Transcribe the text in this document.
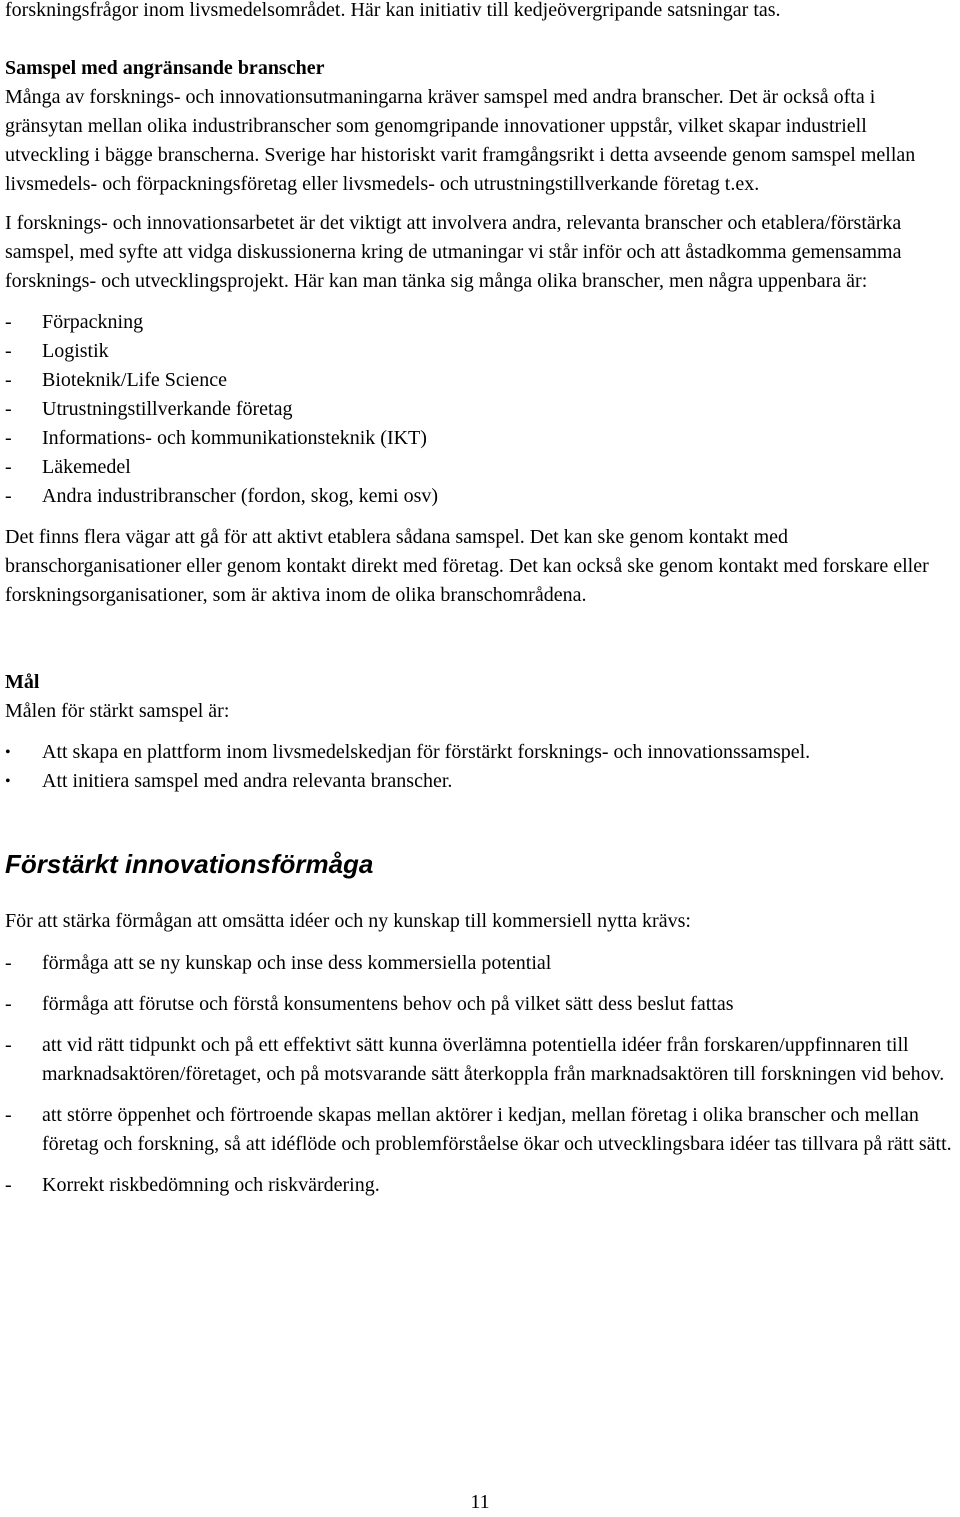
forskningsfrågor inom livsmedelsområdet. Här kan initiativ till kedjeövergripande satsningar tas.

Samspel med angränsande branscher

Många av forsknings- och innovationsutmaningarna kräver samspel med andra branscher. Det är också ofta i gränsytan mellan olika industribranscher som genomgripande innovationer uppstår, vilket skapar industriell utveckling i bägge branscherna. Sverige har historiskt varit framgångsrikt i detta avseende genom samspel mellan livsmedels- och förpackningsföretag eller livsmedels- och utrustningstillverkande företag t.ex.

I forsknings- och innovationsarbetet är det viktigt att involvera andra, relevanta branscher och etablera/förstärka samspel, med syfte att vidga diskussionerna kring de utmaningar vi står inför och att åstadkomma gemensamma forsknings- och utvecklingsprojekt. Här kan man tänka sig många olika branscher, men några uppenbara är:

- Förpackning
- Logistik
- Bioteknik/Life Science
- Utrustningstillverkande företag
- Informations- och kommunikationsteknik (IKT)
- Läkemedel
- Andra industribranscher (fordon, skog, kemi osv)

Det finns flera vägar att gå för att aktivt etablera sådana samspel. Det kan ske genom kontakt med branschorganisationer eller genom kontakt direkt med företag. Det kan också ske genom kontakt med forskare eller forskningsorganisationer, som är aktiva inom de olika branschområdena.

Mål

Målen för stärkt samspel är:

• Att skapa en plattform inom livsmedelskedjan för förstärkt forsknings- och innovationssamspel.
• Att initiera samspel med andra relevanta branscher.

Förstärkt innovationsförmåga

För att stärka förmågan att omsätta idéer och ny kunskap till kommersiell nytta krävs:

- förmåga att se ny kunskap och inse dess kommersiella potential
- förmåga att förutse och förstå konsumentens behov och på vilket sätt dess beslut fattas
- att vid rätt tidpunkt och på ett effektivt sätt kunna överlämna potentiella idéer från forskaren/uppfinnaren till marknadsaktören/företaget, och på motsvarande sätt återkoppla från marknadsaktören till forskningen vid behov.
- att större öppenhet och förtroende skapas mellan aktörer i kedjan, mellan företag i olika branscher och mellan företag och forskning, så att idéflöde och problemförståelse ökar och utvecklingsbara idéer tas tillvara på rätt sätt.
- Korrekt riskbedömning och riskvärdering.
11
